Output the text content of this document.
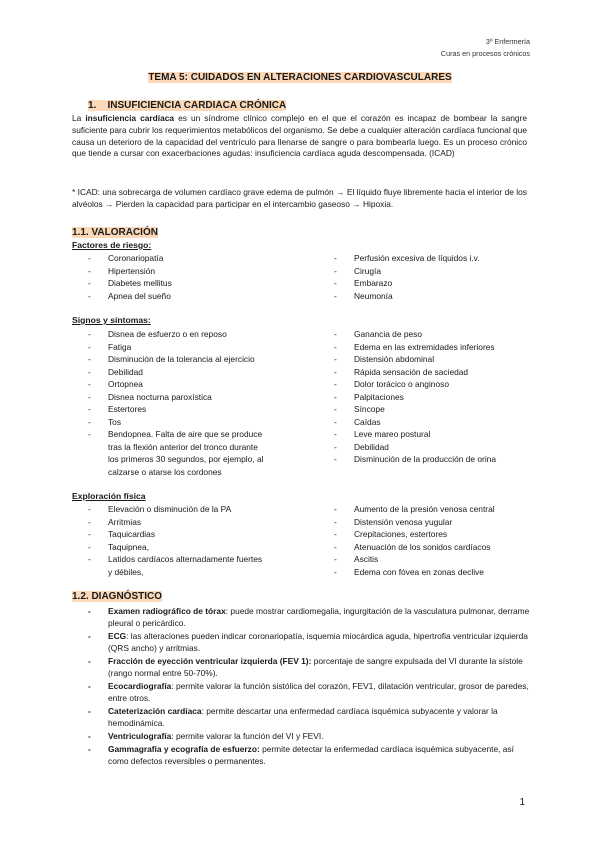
3º Enfermería
Curas en procesos crónicos
TEMA 5: CUIDADOS EN ALTERACIONES CARDIOVASCULARES
1. INSUFICIENCIA CARDIACA CRÓNICA
La insuficiencia cardíaca es un síndrome clínico complejo en el que el corazón es incapaz de bombear la sangre suficiente para cubrir los requerimientos metabólicos del organismo. Se debe a cualquier alteración cardíaca funcional que causa un deterioro de la capacidad del ventrículo para llenarse de sangre o para bombearla luego. Es un proceso crónico que tiende a cursar con exacerbaciones agudas: insuficiencia cardíaca aguda descompensada. (ICAD)
* ICAD: una sobrecarga de volumen cardíaco grave edema de pulmón → El líquido fluye libremente hacia el interior de los alvéolos → Pierden la capacidad para participar en el intercambio gaseoso → Hipoxia.
1.1. VALORACIÓN
Factores de riesgo:
- Coronariopatía
- Hipertensión
- Diabetes mellitus
- Apnea del sueño
- Perfusión excesiva de líquidos i.v.
- Cirugía
- Embarazo
- Neumonía
Signos y síntomas:
- Disnea de esfuerzo o en reposo
- Fatiga
- Disminución de la tolerancia al ejercicio
- Debilidad
- Ortopnea
- Disnea nocturna paroxística
- Estertores
- Tos
- Bendopnea. Falta de aire que se produce
tras la flexión anterior del tronco durante
los primeros 30 segundos, por ejemplo, al
calzarse o atarse los cordones
- Ganancia de peso
- Edema en las extremidades inferiores
- Distensión abdominal
- Rápida sensación de saciedad
- Dolor torácico o anginoso
- Palpitaciones
- Síncope
- Caídas
- Leve mareo postural
- Debilidad
- Disminución de la producción de orina
Exploración física
- Elevación o disminución de la PA
- Arritmias
- Taquicardias
- Taquipnea,
- Latidos cardíacos alternadamente fuertes
y débiles,
- Aumento de la presión venosa central
- Distensión venosa yugular
- Crepitaciones, estertores
- Atenuación de los sonidos cardíacos
- Ascitis
- Edema con fóvea en zonas declive
1.2. DIAGNÓSTICO
- Examen radiográfico de tórax: puede mostrar cardiomegalia, ingurgitación de la vasculatura pulmonar, derrame pleural o pericárdico.
- ECG: las alteraciones pueden indicar coronariopatía, isquemia miocárdica aguda, hipertrofia ventricular izquierda (QRS ancho) y arritmias.
- Fracción de eyección ventricular izquierda (FEV 1): porcentaje de sangre expulsada del VI durante la sístole (rango normal entre 50-70%).
- Ecocardiografía: permite valorar la función sistólica del corazón, FEV1, dilatación ventricular, grosor de paredes, entre otros.
- Cateterización cardíaca: permite descartar una enfermedad cardíaca isquémica subyacente y valorar la hemodinámica.
- Ventriculografía: permite valorar la función del VI y FEVI.
- Gammagrafía y ecografía de esfuerzo: permite detectar la enfermedad cardíaca isquémica subyacente, así como defectos reversibles o permanentes.
1
